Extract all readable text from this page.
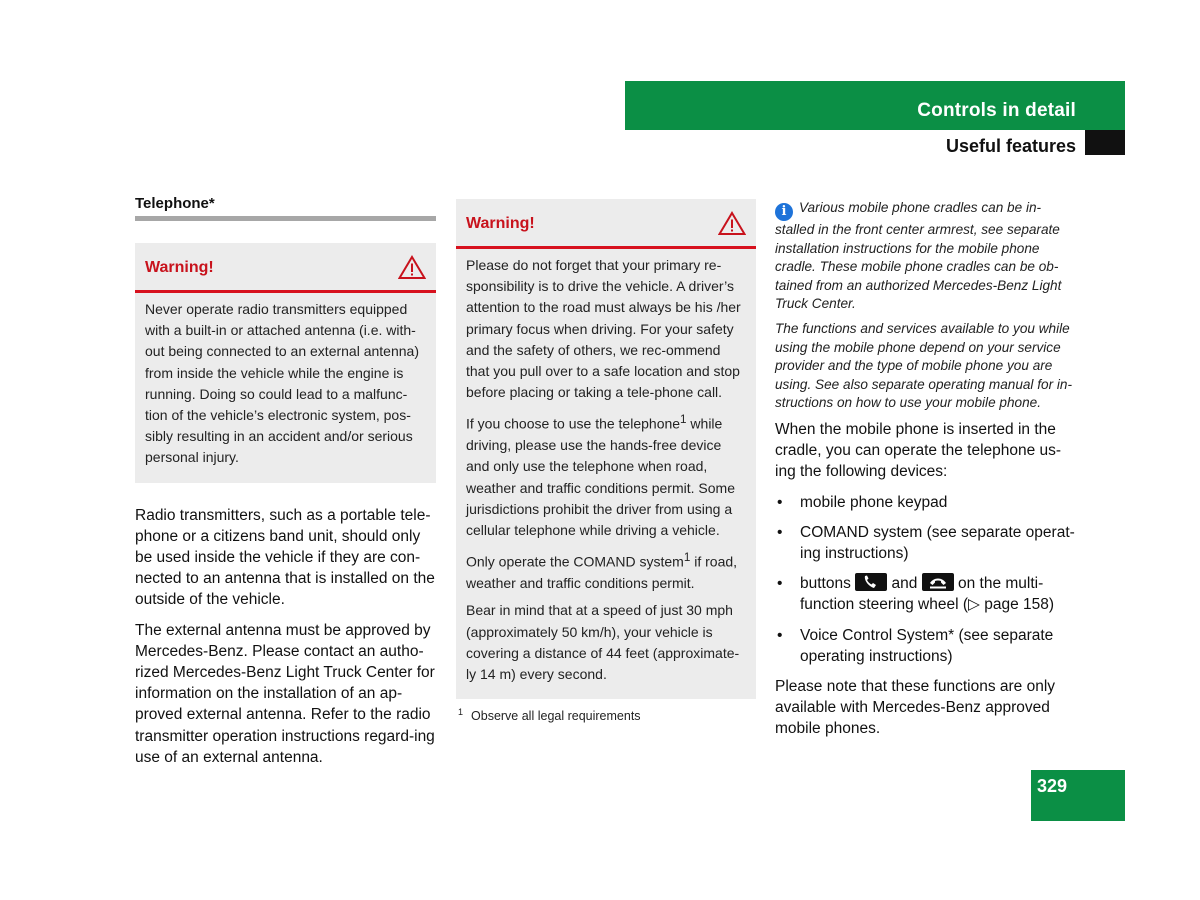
Controls in detail
Useful features
Telephone*
Warning!

Never operate radio transmitters equipped with a built-in or attached antenna (i.e. with-out being connected to an external antenna) from inside the vehicle while the engine is running. Doing so could lead to a malfunc-tion of the vehicle’s electronic system, pos-sibly resulting in an accident and/or serious personal injury.

Radio transmitters, such as a portable tele-phone or a citizens band unit, should only be used inside the vehicle if they are con-nected to an antenna that is installed on the outside of the vehicle.

The external antenna must be approved by Mercedes-Benz. Please contact an autho-rized Mercedes-Benz Light Truck Center for information on the installation of an ap-proved external antenna. Refer to the radio transmitter operation instructions regard-ing use of an external antenna.

Warning!

Please do not forget that your primary re-sponsibility is to drive the vehicle. A driver’s attention to the road must always be his /her primary focus when driving. For your safety and the safety of others, we rec-ommend that you pull over to a safe location and stop before placing or taking a tele-phone call.

If you choose to use the telephone$^1$ while driving, please use the hands-free device and only use the telephone when road, weather and traffic conditions permit. Some jurisdictions prohibit the driver from using a cellular telephone while driving a vehicle.

Only operate the COMAND system$^1$ if road, weather and traffic conditions permit.

Bear in mind that at a speed of just 30 mph (approximately 50 km/h), your vehicle is covering a distance of 44 feet (approximate-ly 14 m) every second.

$^1$ Observe all legal requirements

i Various mobile phone cradles can be in-stalled in the front center armrest, see separate installation instructions for the mobile phone cradle. These mobile phone cradles can be ob-tained from an authorized Mercedes-Benz Light Truck Center.

The functions and services available to you while using the mobile phone depend on your service provider and the type of mobile phone you are using. See also separate operating manual for in-structions on how to use your mobile phone.

When the mobile phone is inserted in the cradle, you can operate the telephone us-ing the following devices:

• mobile phone keypad
• COMAND system (see separate operat-ing instructions)
• buttons	and	on the multi-function steering wheel (▷ page 158)
• Voice Control System* (see separate operating instructions)

Please note that these functions are only available with Mercedes-Benz approved mobile phones.

329
